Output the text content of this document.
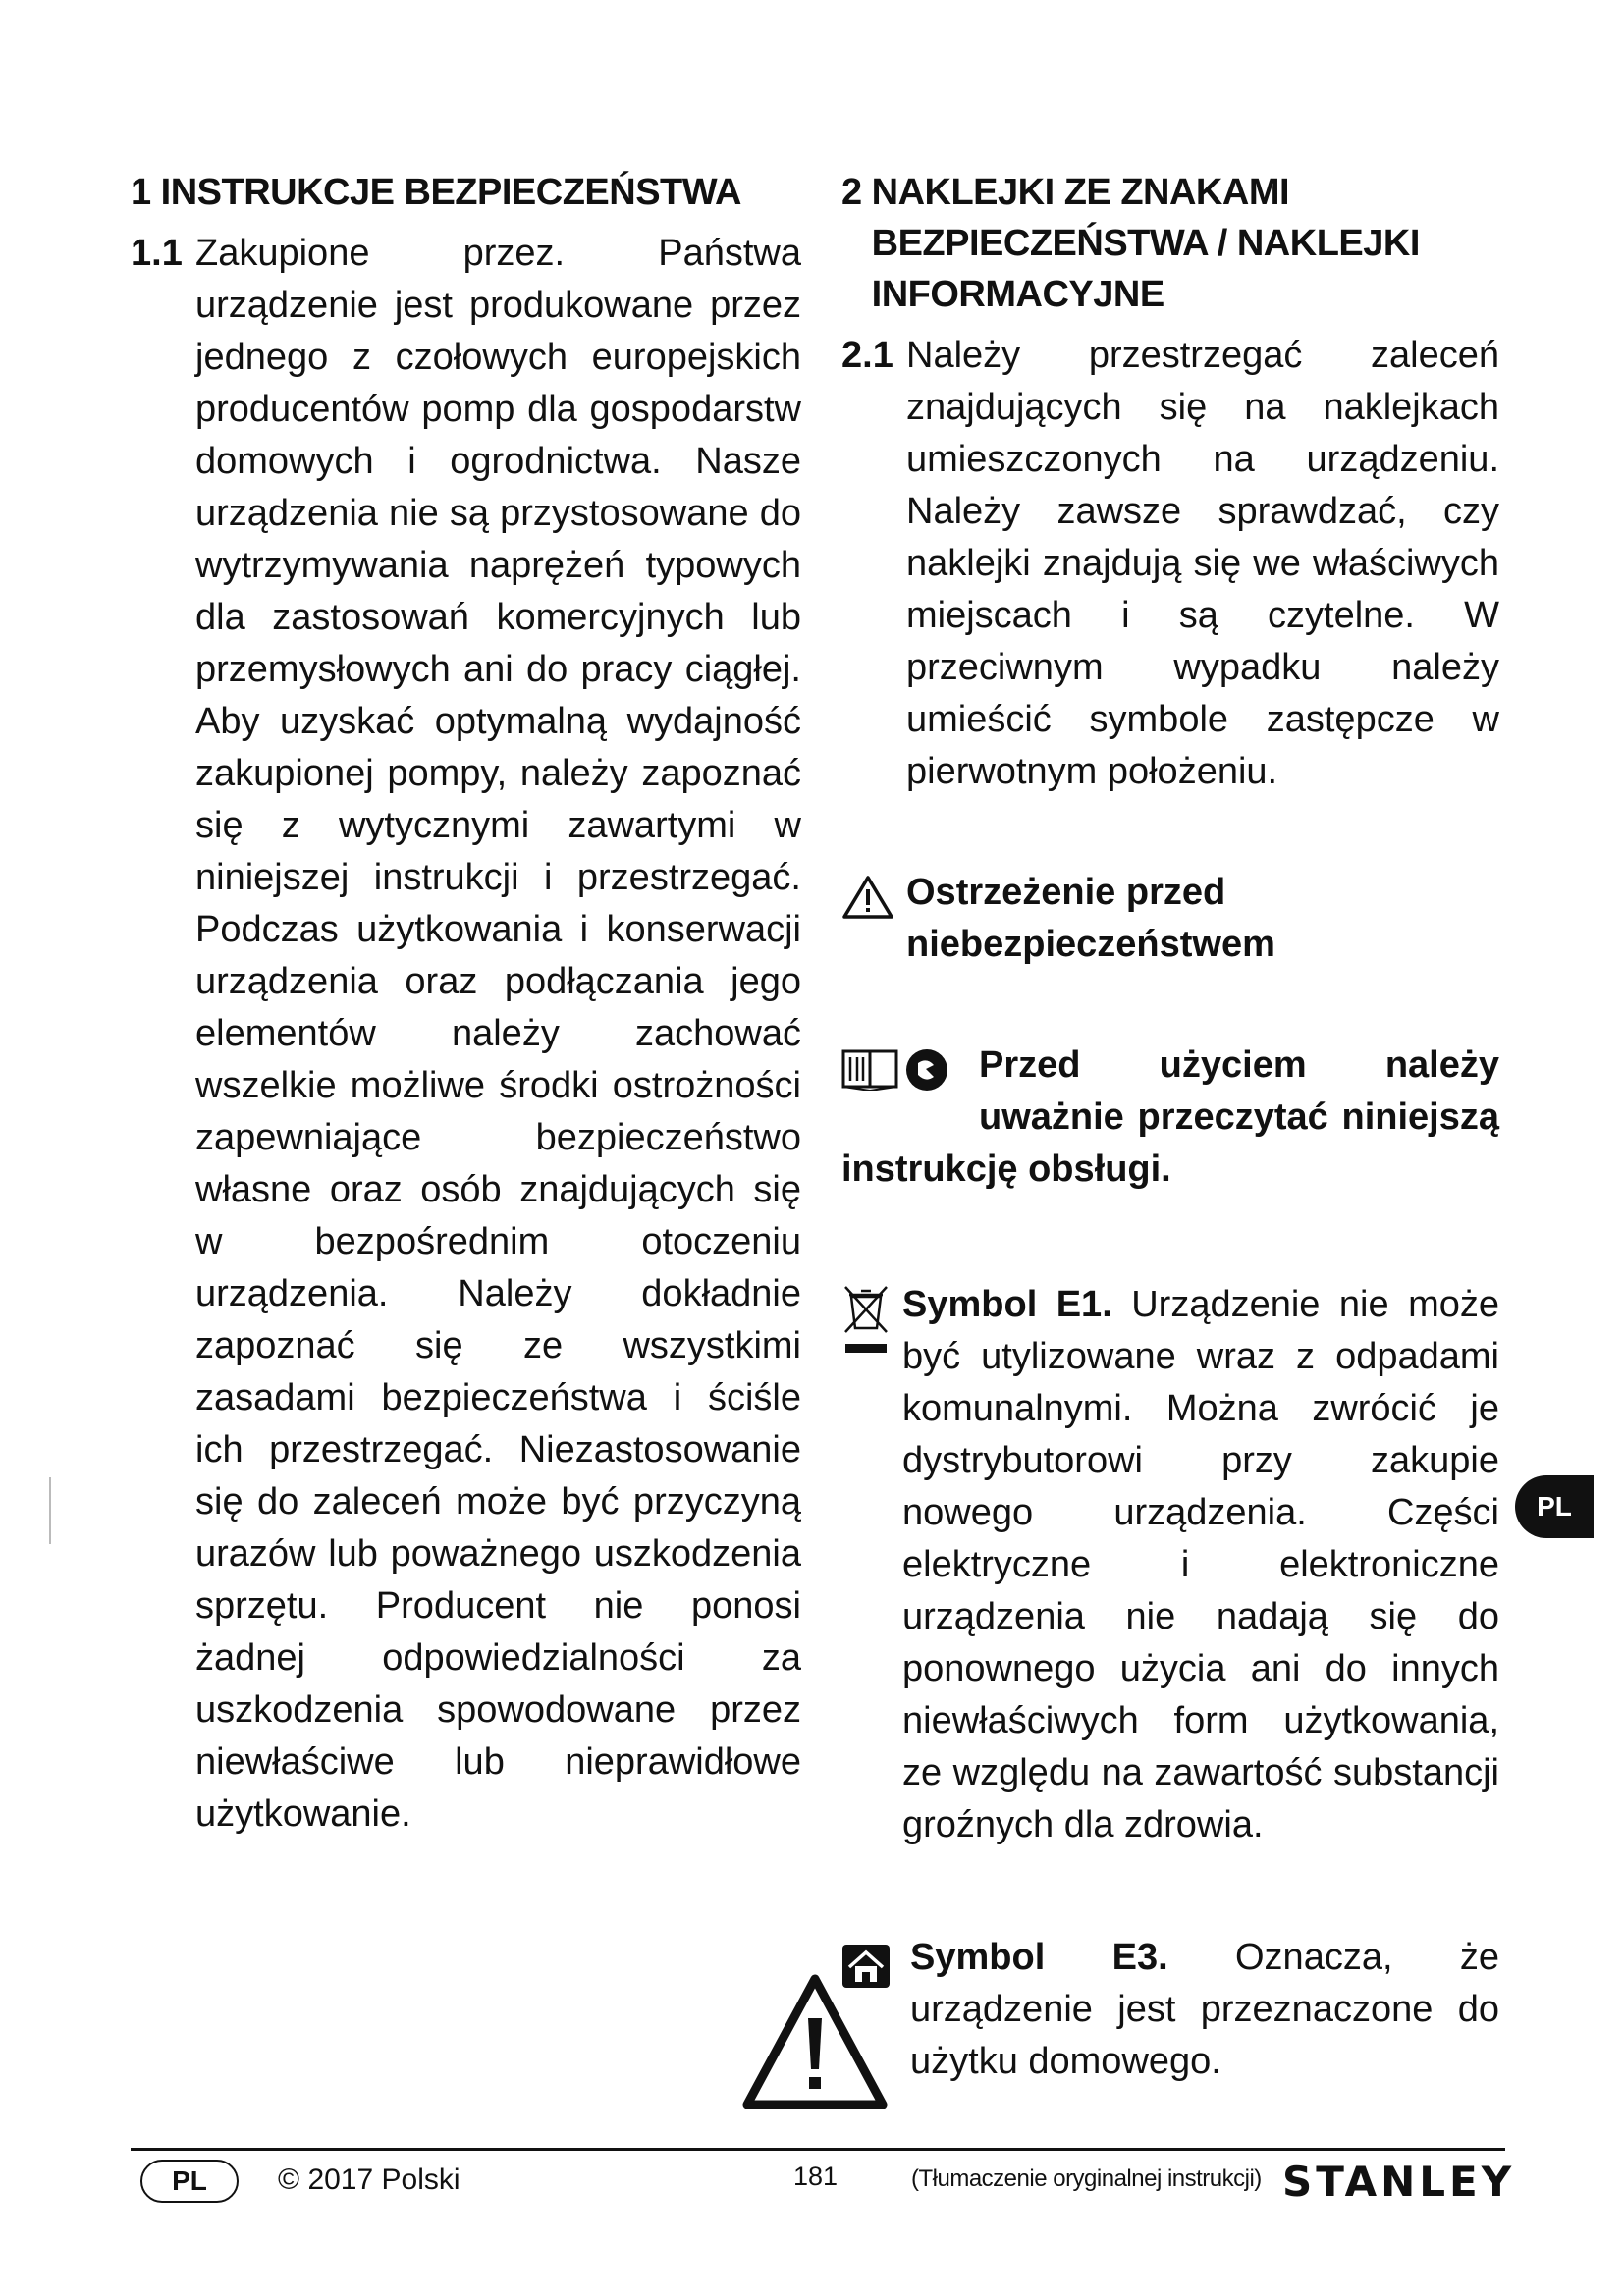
1 INSTRUKCJE BEZPIECZEŃSTWA
1.1 Zakupione przez. Państwa urządzenie jest produkowane przez jednego z czołowych europejskich producentów pomp dla gospodarstw domowych i ogrodnictwa. Nasze urządzenia nie są przystosowane do wytrzymywania naprężeń typowych dla zastosowań komercyjnych lub przemysłowych ani do pracy ciągłej. Aby uzyskać optymalną wydajność zakupionej pompy, należy zapoznać się z wytycznymi zawartymi w niniejszej instrukcji i przestrzegać. Podczas użytkowania i konserwacji urządzenia oraz podłączania jego elementów należy zachować wszelkie możliwe środki ostrożności zapewniające bezpieczeństwo własne oraz osób znajdujących się w bezpośrednim otoczeniu urządzenia. Należy dokładnie zapoznać się ze wszystkimi zasadami bezpieczeństwa i ściśle ich przestrzegać. Niezastosowanie się do zaleceń może być przyczyną urazów lub poważnego uszkodzenia sprzętu. Producent nie ponosi żadnej odpowiedzialności za uszkodzenia spowodowane przez niewłaściwe lub nieprawidłowe użytkowanie.
2 NAKLEJKI ZE ZNAKAMI BEZPIECZEŃSTWA / NAKLEJKI INFORMACYJNE
2.1 Należy przestrzegać zaleceń znajdujących się na naklejkach umieszczonych na urządzeniu. Należy zawsze sprawdzać, czy naklejki znajdują się we właściwych miejscach i są czytelne. W przeciwnym wypadku należy umieścić symbole zastępcze w pierwotnym położeniu.
Ostrzeżenie przed
niebezpieczeństwem
Przed użyciem należy uważnie przeczytać niniejszą
instrukcję obsługi.
Symbol E1. Urządzenie nie może być utylizowane wraz z odpadami komunalnymi. Można zwrócić je dystrybutorowi przy zakupie nowego urządzenia. Części elektryczne i elektroniczne urządzenia nie nadają się do ponownego użycia ani do innych niewłaściwych form użytkowania, ze względu na zawartość substancji groźnych dla zdrowia.
Symbol E3. Oznacza, że urządzenie jest przeznaczone do użytku domowego.
PL
PL	© 2017 Polski	181	(Tłumaczenie oryginalnej instrukcji) STANLEY
